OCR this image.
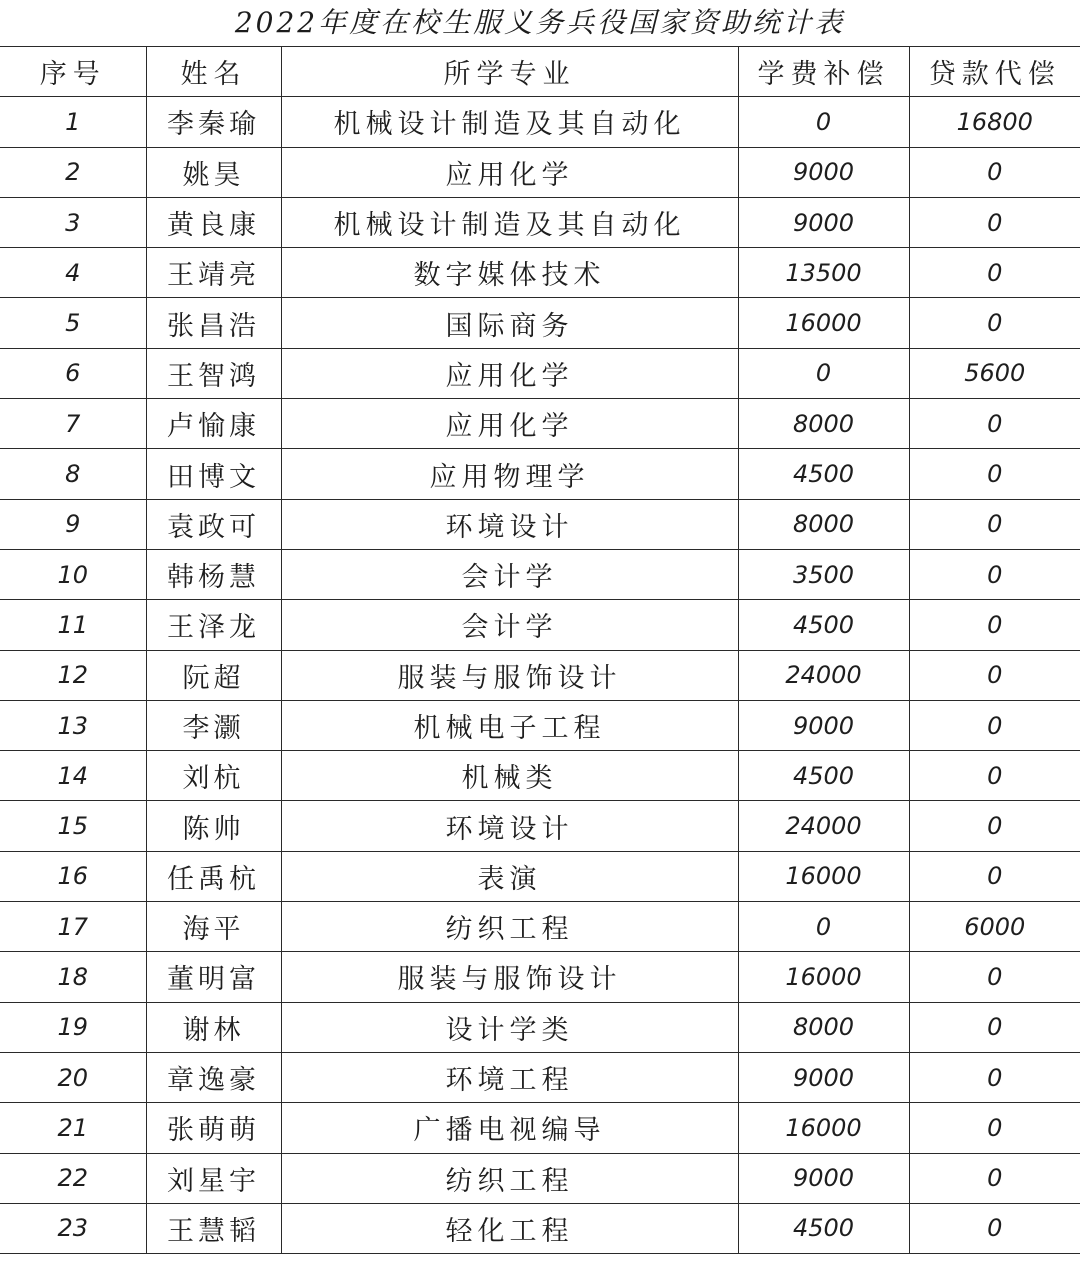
2022年度在校生服义务兵役国家资助统计表
序号	姓名	所学专业	学费补偿	贷款代偿
1	李秦瑜	机械设计制造及其自动化	0	16800
2	姚昊	应用化学	9000	0
3	黄良康	机械设计制造及其自动化	9000	0
4	王靖亮	数字媒体技术	13500	0
5	张昌浩	国际商务	16000	0
6	王智鸿	应用化学	0	5600
7	卢愉康	应用化学	8000	0
8	田博文	应用物理学	4500	0
9	袁政可	环境设计	8000	0
10	韩杨慧	会计学	3500	0
11	王泽龙	会计学	4500	0
12	阮超	服装与服饰设计	24000	0
13	李灏	机械电子工程	9000	0
14	刘杭	机械类	4500	0
15	陈帅	环境设计	24000	0
16	任禹杭	表演	16000	0
17	海平	纺织工程	0	6000
18	董明富	服装与服饰设计	16000	0
19	谢林	设计学类	8000	0
20	章逸豪	环境工程	9000	0
21	张萌萌	广播电视编导	16000	0
22	刘星宇	纺织工程	9000	0
23	王慧韬	轻化工程	4500	0
